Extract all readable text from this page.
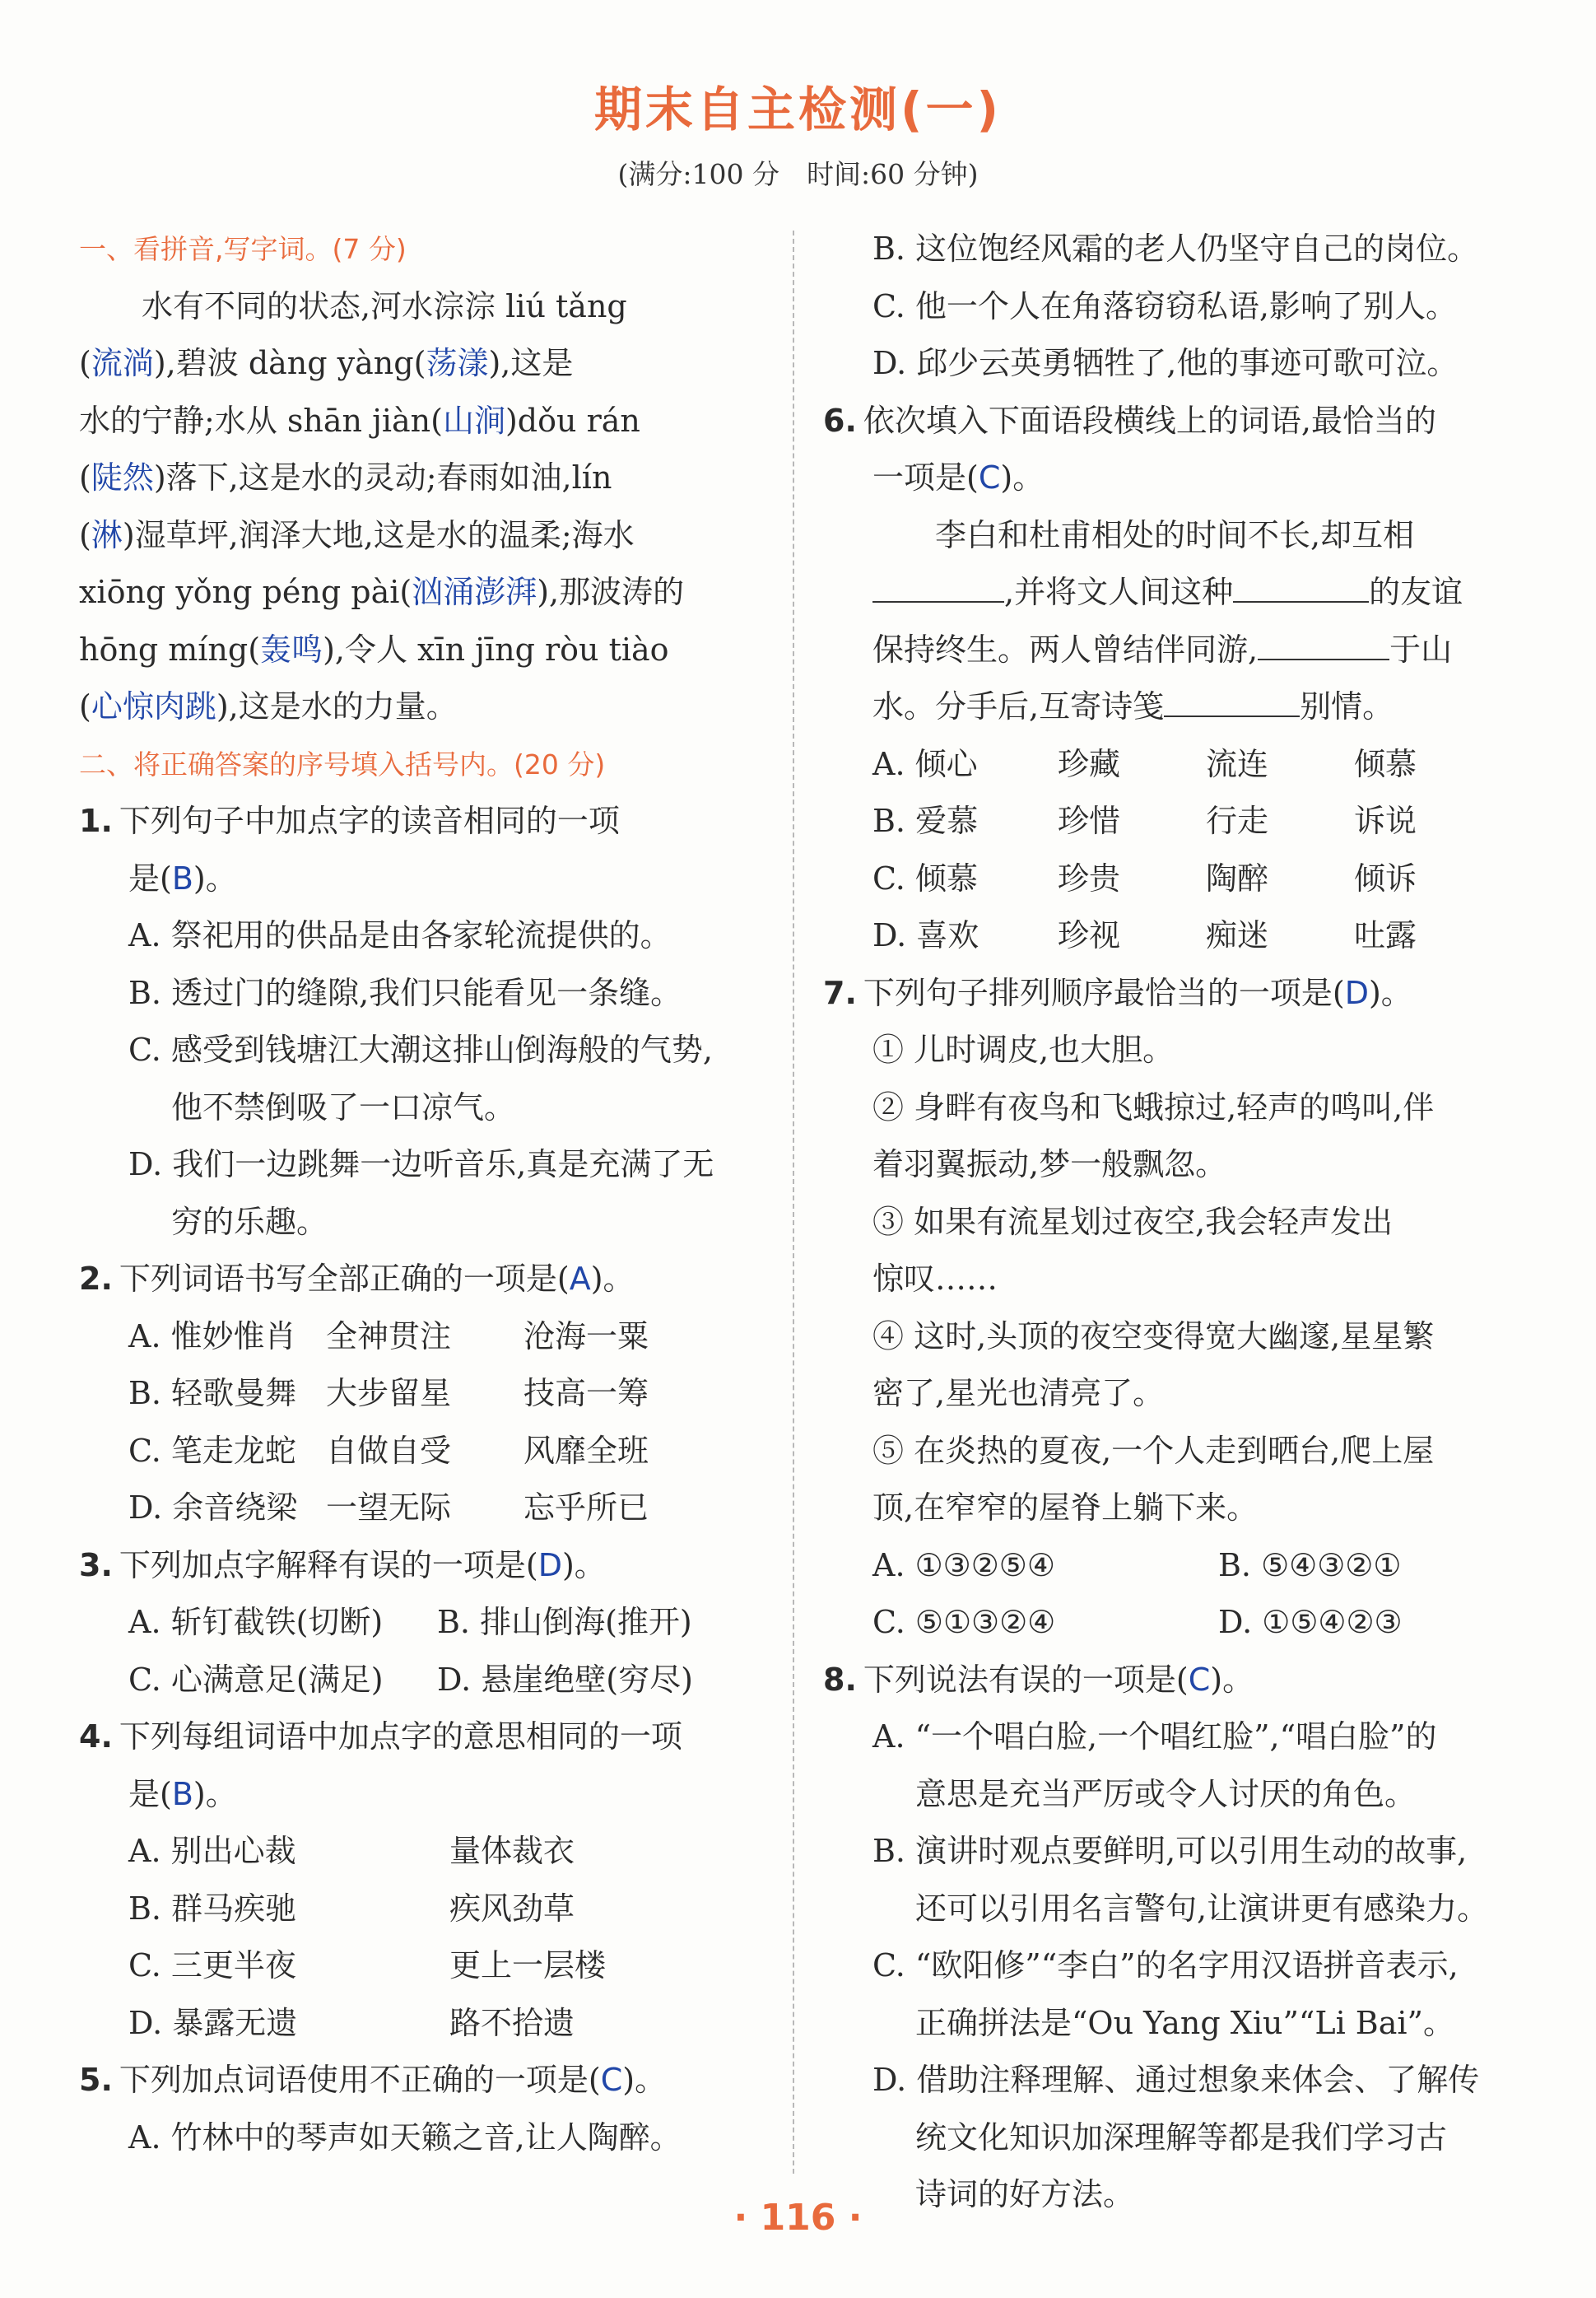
期末自主检测(一)
(满分:100 分　时间:60 分钟)
一、看拼音,写字词。(7 分)
　　水有不同的状态,河水淙淙 liú tǎng
(流淌),碧波 dàng yàng(荡漾),这是
水的宁静;水从 shān jiàn(山涧)dǒu rán
(陡然)落下,这是水的灵动;春雨如油,lín
(淋)湿草坪,润泽大地,这是水的温柔;海水
xiōng yǒng péng pài(汹涌澎湃),那波涛的
hōng míng(轰鸣),令人 xīn jīng ròu tiào
(心惊肉跳),这是水的力量。
二、将正确答案的序号填入括号内。(20 分)
1. 下列句子中加点字的读音相同的一项
是(B)。
A. 祭祀用的供品是由各家轮流提供的。
B. 透过门的缝隙,我们只能看见一条缝。
C. 感受到钱塘江大潮这排山倒海般的气势,
他不禁倒吸了一口凉气。
D. 我们一边跳舞一边听音乐,真是充满了无
穷的乐趣。
2. 下列词语书写全部正确的一项是(A)。
A. 惟妙惟肖 全神贯注	沧海一粟
B. 轻歌曼舞 大步留星	技高一筹
C. 笔走龙蛇 自做自受	风靡全班
D. 余音绕梁 一望无际	忘乎所已
3. 下列加点字解释有误的一项是(D)。
A. 斩钉截铁(切断)	B. 排山倒海(推开)
C. 心满意足(满足)	D. 悬崖绝壁(穷尽)
4. 下列每组词语中加点字的意思相同的一项
是(B)。
A. 别出心裁	量体裁衣
B. 群马疾驰	疾风劲草
C. 三更半夜	更上一层楼
D. 暴露无遗	路不拾遗
5. 下列加点词语使用不正确的一项是(C)。
A. 竹林中的琴声如天籁之音,让人陶醉。
B. 这位饱经风霜的老人仍坚守自己的岗位。
C. 他一个人在角落窃窃私语,影响了别人。
D. 邱少云英勇牺牲了,他的事迹可歌可泣。
6. 依次填入下面语段横线上的词语,最恰当的
一项是(C)。
　　李白和杜甫相处的时间不长,却互相
,并将文人间这种	的友谊
保持终生。两人曾结伴同游,	于山
水。分手后,互寄诗笺	别情。
A. 倾心	珍藏	流连	倾慕
B. 爱慕	珍惜	行走	诉说
C. 倾慕	珍贵	陶醉	倾诉
D. 喜欢	珍视	痴迷	吐露
7. 下列句子排列顺序最恰当的一项是(D)。
① 儿时调皮,也大胆。
② 身畔有夜鸟和飞蛾掠过,轻声的鸣叫,伴
着羽翼振动,梦一般飘忽。
③ 如果有流星划过夜空,我会轻声发出
惊叹……
④ 这时,头顶的夜空变得宽大幽邃,星星繁
密了,星光也清亮了。
⑤ 在炎热的夏夜,一个人走到晒台,爬上屋
顶,在窄窄的屋脊上躺下来。
A. ①③②⑤④	B. ⑤④③②①
C. ⑤①③②④	D. ①⑤④②③
8. 下列说法有误的一项是(C)。
A. “一个唱白脸,一个唱红脸”,“唱白脸”的
意思是充当严厉或令人讨厌的角色。
B. 演讲时观点要鲜明,可以引用生动的故事,
还可以引用名言警句,让演讲更有感染力。
C. “欧阳修”“李白”的名字用汉语拼音表示,
正确拼法是“Ou Yang Xiu”“Li Bai”。
D. 借助注释理解、通过想象来体会、了解传
统文化知识加深理解等都是我们学习古
诗词的好方法。
· 116 ·
